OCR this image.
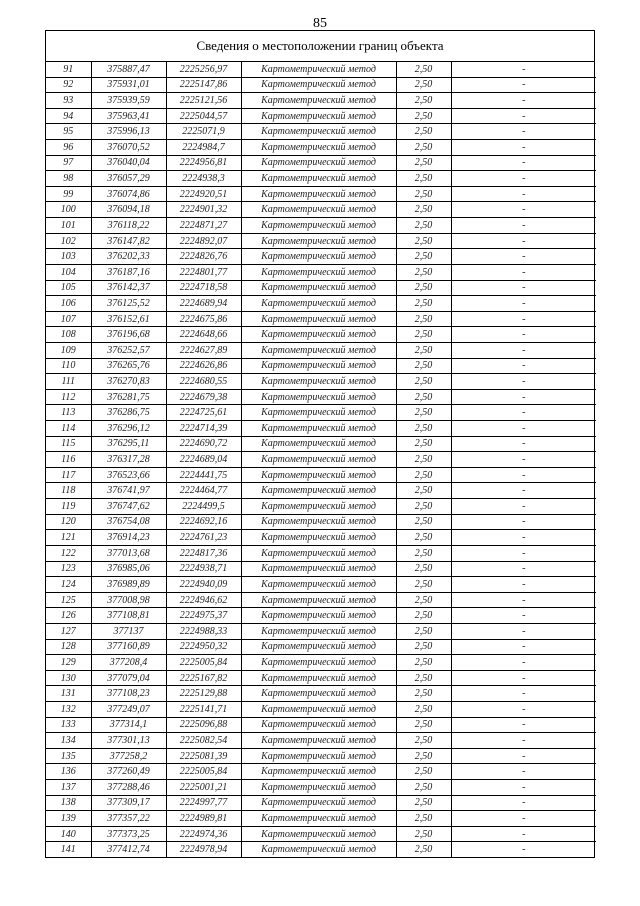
85
Сведения о местоположении границ объекта
91	375887,47	2225256,97	Картометрический метод	2,50	-
92	375931,01	2225147,86	Картометрический метод	2,50	-
93	375939,59	2225121,56	Картометрический метод	2,50	-
94	375963,41	2225044,57	Картометрический метод	2,50	-
95	375996,13	2225071,9	Картометрический метод	2,50	-
96	376070,52	2224984,7	Картометрический метод	2,50	-
97	376040,04	2224956,81	Картометрический метод	2,50	-
98	376057,29	2224938,3	Картометрический метод	2,50	-
99	376074,86	2224920,51	Картометрический метод	2,50	-
100	376094,18	2224901,32	Картометрический метод	2,50	-
101	376118,22	2224871,27	Картометрический метод	2,50	-
102	376147,82	2224892,07	Картометрический метод	2,50	-
103	376202,33	2224826,76	Картометрический метод	2,50	-
104	376187,16	2224801,77	Картометрический метод	2,50	-
105	376142,37	2224718,58	Картометрический метод	2,50	-
106	376125,52	2224689,94	Картометрический метод	2,50	-
107	376152,61	2224675,86	Картометрический метод	2,50	-
108	376196,68	2224648,66	Картометрический метод	2,50	-
109	376252,57	2224627,89	Картометрический метод	2,50	-
110	376265,76	2224626,86	Картометрический метод	2,50	-
111	376270,83	2224680,55	Картометрический метод	2,50	-
112	376281,75	2224679,38	Картометрический метод	2,50	-
113	376286,75	2224725,61	Картометрический метод	2,50	-
114	376296,12	2224714,39	Картометрический метод	2,50	-
115	376295,11	2224690,72	Картометрический метод	2,50	-
116	376317,28	2224689,04	Картометрический метод	2,50	-
117	376523,66	2224441,75	Картометрический метод	2,50	-
118	376741,97	2224464,77	Картометрический метод	2,50	-
119	376747,62	2224499,5	Картометрический метод	2,50	-
120	376754,08	2224692,16	Картометрический метод	2,50	-
121	376914,23	2224761,23	Картометрический метод	2,50	-
122	377013,68	2224817,36	Картометрический метод	2,50	-
123	376985,06	2224938,71	Картометрический метод	2,50	-
124	376989,89	2224940,09	Картометрический метод	2,50	-
125	377008,98	2224946,62	Картометрический метод	2,50	-
126	377108,81	2224975,37	Картометрический метод	2,50	-
127	377137	2224988,33	Картометрический метод	2,50	-
128	377160,89	2224950,32	Картометрический метод	2,50	-
129	377208,4	2225005,84	Картометрический метод	2,50	-
130	377079,04	2225167,82	Картометрический метод	2,50	-
131	377108,23	2225129,88	Картометрический метод	2,50	-
132	377249,07	2225141,71	Картометрический метод	2,50	-
133	377314,1	2225096,88	Картометрический метод	2,50	-
134	377301,13	2225082,54	Картометрический метод	2,50	-
135	377258,2	2225081,39	Картометрический метод	2,50	-
136	377260,49	2225005,84	Картометрический метод	2,50	-
137	377288,46	2225001,21	Картометрический метод	2,50	-
138	377309,17	2224997,77	Картометрический метод	2,50	-
139	377357,22	2224989,81	Картометрический метод	2,50	-
140	377373,25	2224974,36	Картометрический метод	2,50	-
141	377412,74	2224978,94	Картометрический метод	2,50	-
